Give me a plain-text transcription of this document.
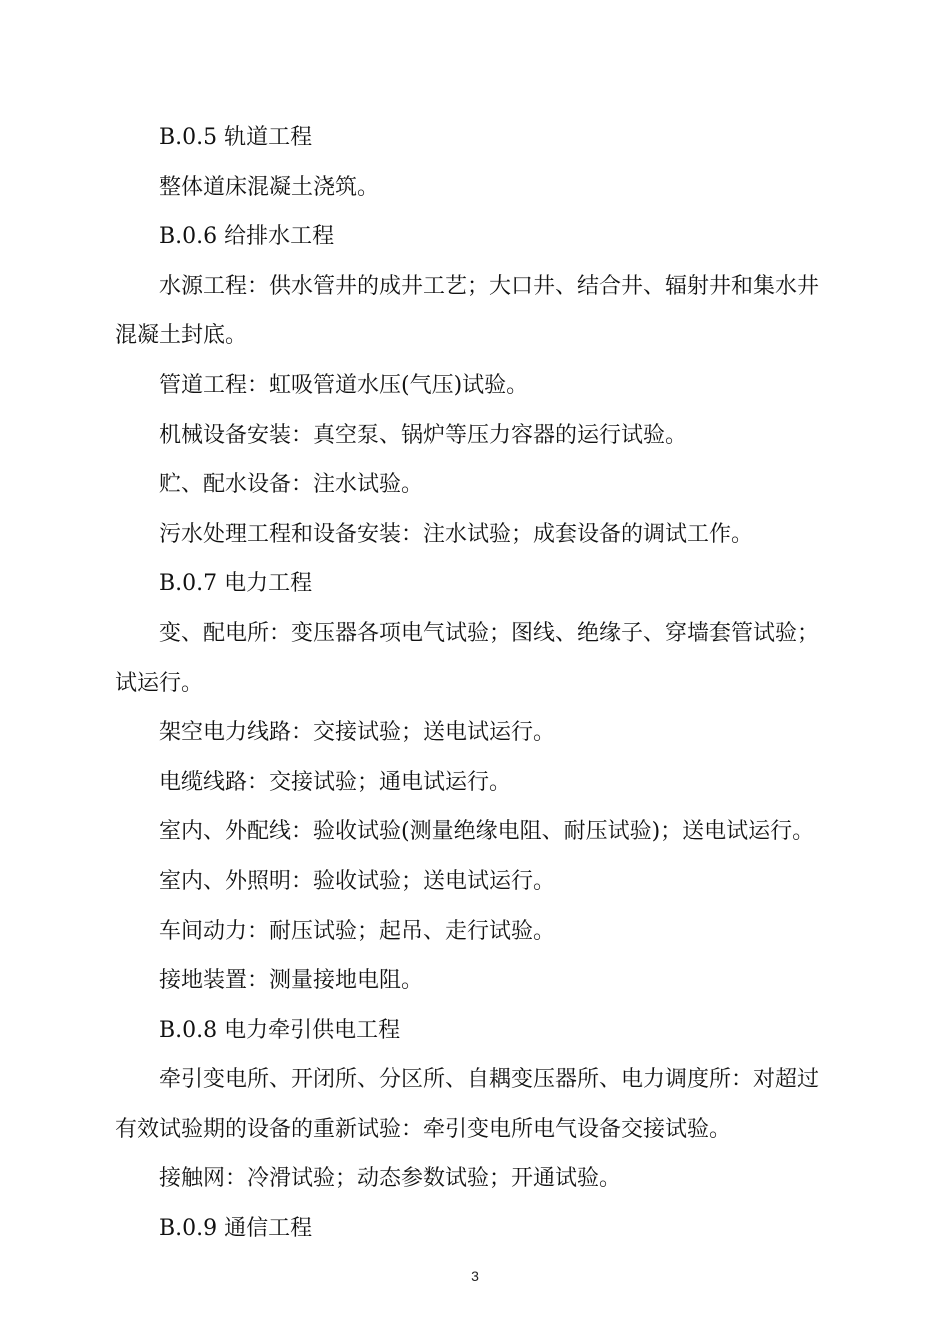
B.0.5 轨道工程

整体道床混凝土浇筑。

B.0.6 给排水工程

水源工程：供水管井的成井工艺；大口井、结合井、辐射井和集水井混凝土封底。

管道工程：虹吸管道水压(气压)试验。

机械设备安装：真空泵、锅炉等压力容器的运行试验。

贮、配水设备：注水试验。

污水处理工程和设备安装：注水试验；成套设备的调试工作。

B.0.7 电力工程

变、配电所：变压器各项电气试验；图线、绝缘子、穿墙套管试验；试运行。

架空电力线路：交接试验；送电试运行。

电缆线路：交接试验；通电试运行。

室内、外配线：验收试验(测量绝缘电阻、耐压试验)；送电试运行。

室内、外照明：验收试验；送电试运行。

车间动力：耐压试验；起吊、走行试验。

接地装置：测量接地电阻。

B.0.8 电力牵引供电工程

牵引变电所、开闭所、分区所、自耦变压器所、电力调度所：对超过有效试验期的设备的重新试验：牵引变电所电气设备交接试验。

接触网：冷滑试验；动态参数试验；开通试验。

B.0.9 通信工程

3
